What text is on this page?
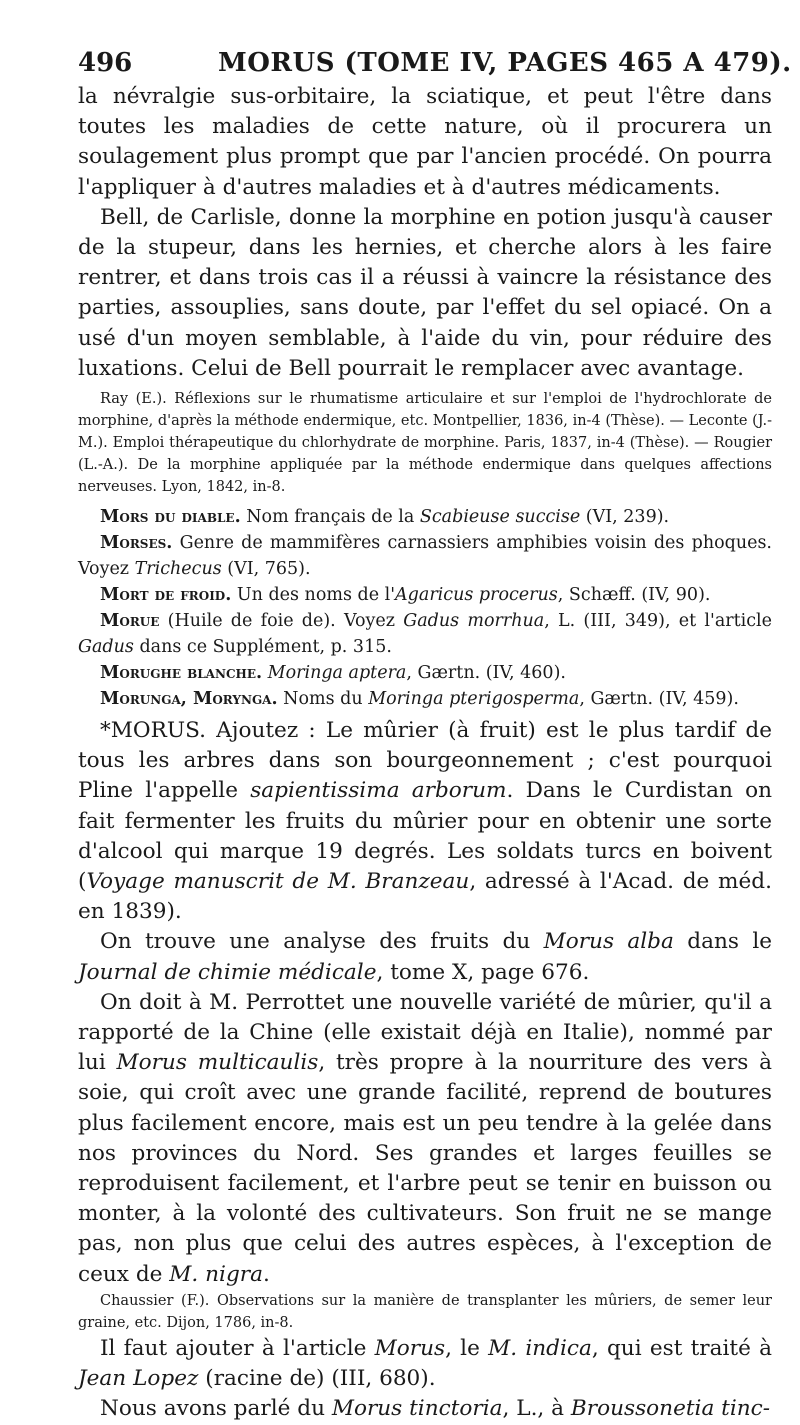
496	MORUS (TOME IV, PAGES 465 A 479).

la névralgie sus-orbitaire, la sciatique, et peut l'être dans toutes les maladies de cette nature, où il procurera un soulagement plus prompt que par l'ancien procédé. On pourra l'appliquer à d'autres maladies et à d'autres médicaments.

Bell, de Carlisle, donne la morphine en potion jusqu'à causer de la stupeur, dans les hernies, et cherche alors à les faire rentrer, et dans trois cas il a réussi à vaincre la résistance des parties, assouplies, sans doute, par l'effet du sel opiacé. On a usé d'un moyen semblable, à l'aide du vin, pour réduire des luxations. Celui de Bell pourrait le remplacer avec avantage.

Ray (E.). Réflexions sur le rhumatisme articulaire et sur l'emploi de l'hydrochlorate de morphine, d'après la méthode endermique, etc. Montpellier, 1836, in-4 (Thèse). — Leconte (J.-M.). Emploi thérapeutique du chlorhydrate de morphine. Paris, 1837, in-4 (Thèse). — Rougier (L.-A.). De la morphine appliquée par la méthode endermique dans quelques affections nerveuses. Lyon, 1842, in-8.

Mors du diable. Nom français de la Scabieuse succise (VI, 239).

Morses. Genre de mammifères carnassiers amphibies voisin des phoques. Voyez Trichecus (VI, 765).

Mort de froid. Un des noms de l'Agaricus procerus, Schæff. (IV, 90).

Morue (Huile de foie de). Voyez Gadus morrhua, L. (III, 349), et l'article Gadus dans ce Supplément, p. 315.

Morughe blanche. Moringa aptera, Gærtn. (IV, 460).

Morunga, Morynga. Noms du Moringa pterigosperma, Gærtn. (IV, 459).

*MORUS. Ajoutez : Le mûrier (à fruit) est le plus tardif de tous les arbres dans son bourgeonnement ; c'est pourquoi Pline l'appelle sapientissima arborum. Dans le Curdistan on fait fermenter les fruits du mûrier pour en obtenir une sorte d'alcool qui marque 19 degrés. Les soldats turcs en boivent (Voyage manuscrit de M. Branzeau, adressé à l'Acad. de méd. en 1839).

On trouve une analyse des fruits du Morus alba dans le Journal de chimie médicale, tome X, page 676.

On doit à M. Perrottet une nouvelle variété de mûrier, qu'il a rapporté de la Chine (elle existait déjà en Italie), nommé par lui Morus multicaulis, très propre à la nourriture des vers à soie, qui croît avec une grande facilité, reprend de boutures plus facilement encore, mais est un peu tendre à la gelée dans nos provinces du Nord. Ses grandes et larges feuilles se reproduisent facilement, et l'arbre peut se tenir en buisson ou monter, à la volonté des cultivateurs. Son fruit ne se mange pas, non plus que celui des autres espèces, à l'exception de ceux de M. nigra.

Chaussier (F.). Observations sur la manière de transplanter les mûriers, de semer leur graine, etc. Dijon, 1786, in-8.

Il faut ajouter à l'article Morus, le M. indica, qui est traité à Jean Lopez (racine de) (III, 680).

Nous avons parlé du Morus tinctoria, L., à Broussonetia tinc-
